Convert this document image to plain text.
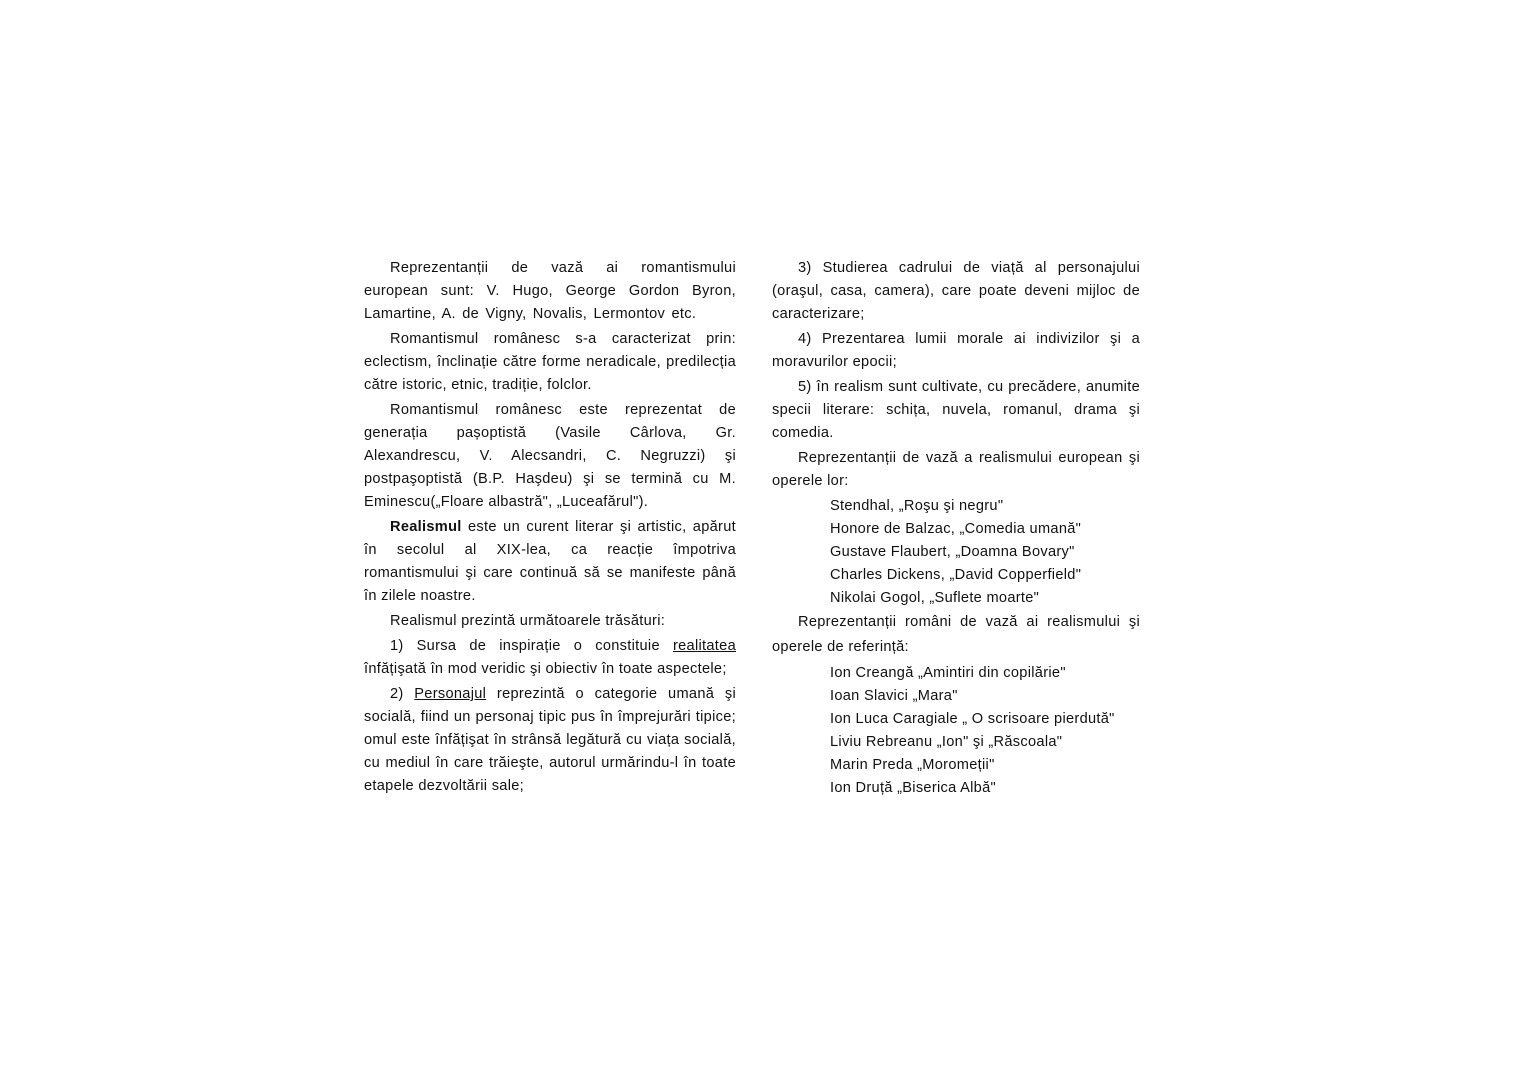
Reprezentanții de vază ai romantismului european sunt: V. Hugo, George Gordon Byron, Lamartine, A. de Vigny, Novalis, Lermontov etc.

Romantismul românesc s-a caracterizat prin: eclectism, înclinație către forme neradicale, predilecția către istoric, etnic, tradiție, folclor.

Romantismul românesc este reprezentat de generația pașoptistă (Vasile Cârlova, Gr. Alexandrescu, V. Alecsandri, C. Negruzzi) şi postpaşoptistă (B.P. Haşdeu) şi se termină cu M. Eminescu(„Floare albastră", „Luceafărul").

Realismul este un curent literar şi artistic, apărut în secolul al XIX-lea, ca reacție împotriva romantismului şi care continuă să se manifeste până în zilele noastre.

Realismul prezintă următoarele trăsături:

1) Sursa de inspirație o constituie realitatea înfățişată în mod veridic şi obiectiv în toate aspectele;

2) Personajul reprezintă o categorie umană şi socială, fiind un personaj tipic pus în împrejurări tipice; omul este înfățişat în strânsă legătură cu viața socială, cu mediul în care trăieşte, autorul urmărindu-l în toate etapele dezvoltării sale;

3) Studierea cadrului de viață al personajului (oraşul, casa, camera), care poate deveni mijloc de caracterizare;

4) Prezentarea lumii morale ai indivizilor şi a moravurilor epocii;

5) în realism sunt cultivate, cu precădere, anumite specii literare: schița, nuvela, romanul, drama şi comedia.

Reprezentanții de vază a realismului european şi operele lor:

Stendhal, „Roşu şi negru"
Honore de Balzac, „Comedia umană"
Gustave Flaubert, „Doamna Bovary"
Charles Dickens, „David Copperfield"
Nikolai Gogol, „Suflete moarte"

Reprezentanții români de vază ai realismului şi operele de referință:

Ion Creangă „Amintiri din copilărie"
Ioan Slavici „Mara"
Ion Luca Caragiale „ O scrisoare pierdută"
Liviu Rebreanu „Ion" şi „Răscoala"
Marin Preda „Moromeții"
Ion Druță „Biserica Albă"
